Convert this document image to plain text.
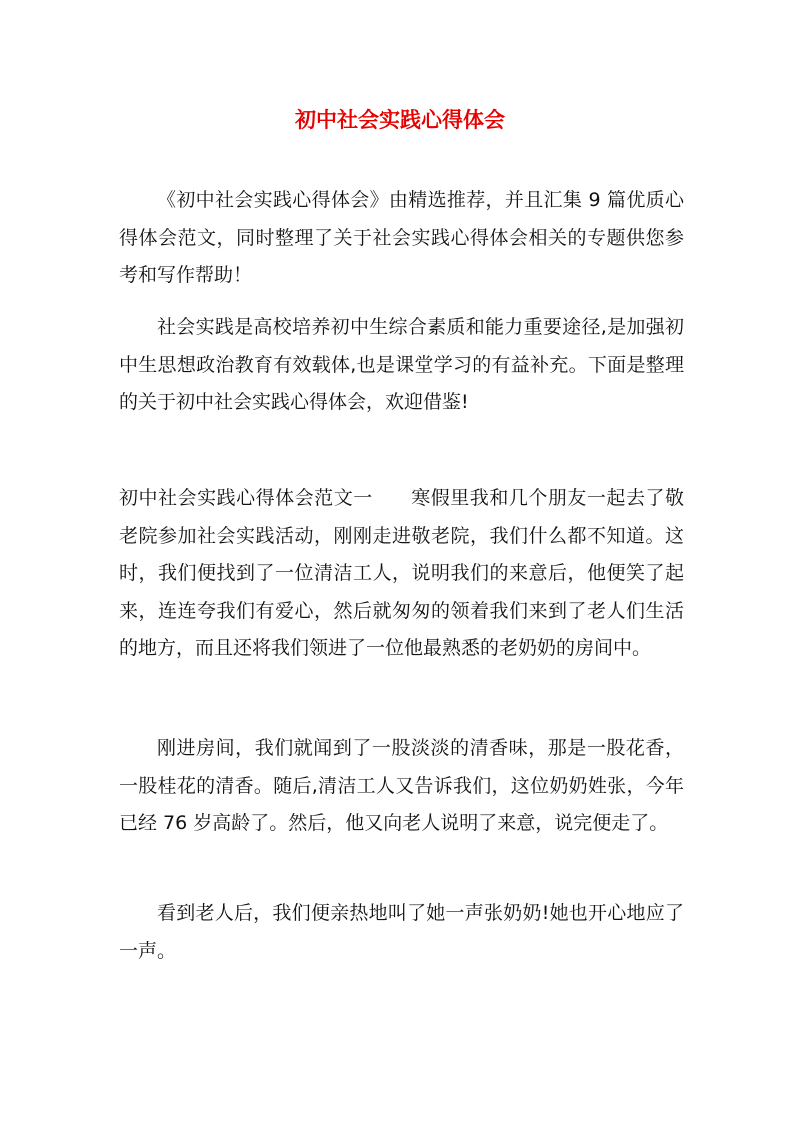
初中社会实践心得体会

《初中社会实践心得体会》由精选推荐，并且汇集 9 篇优质心得体会范文，同时整理了关于社会实践心得体会相关的专题供您参考和写作帮助！

社会实践是高校培养初中生综合素质和能力重要途径,是加强初中生思想政治教育有效载体,也是课堂学习的有益补充。下面是整理的关于初中社会实践心得体会，欢迎借鉴!

初中社会实践心得体会范文一 寒假里我和几个朋友一起去了敬老院参加社会实践活动，刚刚走进敬老院，我们什么都不知道。这时，我们便找到了一位清洁工人，说明我们的来意后，他便笑了起来，连连夸我们有爱心，然后就匆匆的领着我们来到了老人们生活的地方，而且还将我们领进了一位他最熟悉的老奶奶的房间中。

刚进房间，我们就闻到了一股淡淡的清香味，那是一股花香，一股桂花的清香。随后,清洁工人又告诉我们，这位奶奶姓张，今年已经 76 岁高龄了。然后，他又向老人说明了来意，说完便走了。

看到老人后，我们便亲热地叫了她一声张奶奶!她也开心地应了一声。
